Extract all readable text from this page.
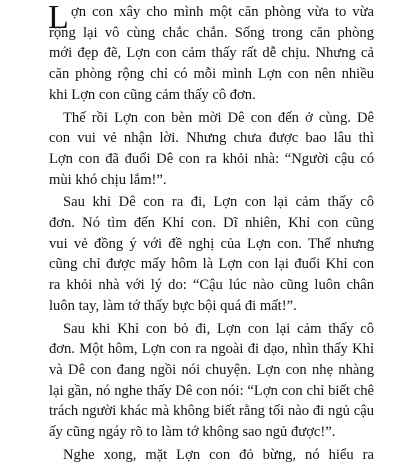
L ợn con xây cho mình một căn phòng vừa to vừa
rộng lại vô cùng chắc chắn. Sống trong căn phòng
mới đẹp đẽ, Lợn con cảm thấy rất dễ chịu. Nhưng cả
căn phòng rộng chỉ có mỗi mình Lợn con nên nhiều
khi Lợn con cũng cảm thấy cô đơn.

Thế rồi Lợn con bèn mời Dê con đến ở cùng. Dê
con vui vẻ nhận lời. Nhưng chưa được bao lâu thì
Lợn con đã đuổi Dê con ra khỏi nhà: “Người cậu có
mùi khó chịu lắm!”.

Sau khi Dê con ra đi, Lợn con lại cảm thấy cô
đơn. Nó tìm đến Khỉ con. Dĩ nhiên, Khỉ con cũng
vui vẻ đồng ý với đề nghị của Lợn con. Thế nhưng
cũng chỉ được mấy hôm là Lợn con lại đuổi Khỉ con
ra khỏi nhà với lý do: “Cậu lúc nào cũng luôn chân
luôn tay, làm tớ thấy bực bội quá đi mất!”.

Sau khi Khỉ con bỏ đi, Lợn con lại cảm thấy cô
đơn. Một hôm, Lợn con ra ngoài đi dạo, nhìn thấy Khỉ
và Dê con đang ngồi nói chuyện. Lợn con nhẹ nhàng
lại gần, nó nghe thấy Dê con nói: “Lợn con chỉ biết chê
trách người khác mà không biết rằng tối nào đi ngủ cậu
ấy cũng ngáy rõ to làm tớ không sao ngủ được!”.

Nghe xong, mặt Lợn con đỏ bừng, nó hiểu ra
